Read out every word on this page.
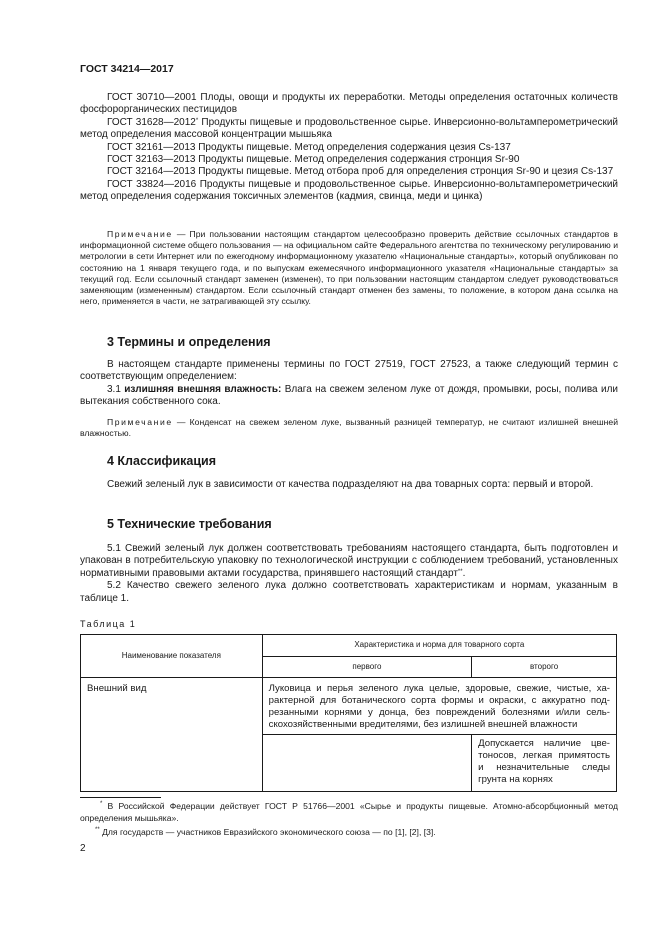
ГОСТ 34214—2017
ГОСТ 30710—2001 Плоды, овощи и продукты их переработки. Методы определения остаточных количеств фосфорорганических пестицидов
ГОСТ 31628—2012* Продукты пищевые и продовольственное сырье. Инверсионно-вольтамперометрический метод определения массовой концентрации мышьяка
ГОСТ 32161—2013 Продукты пищевые. Метод определения содержания цезия Cs-137
ГОСТ 32163—2013 Продукты пищевые. Метод определения содержания стронция Sr-90
ГОСТ 32164—2013 Продукты пищевые. Метод отбора проб для определения стронция Sr-90 и цезия Cs-137
ГОСТ 33824—2016 Продукты пищевые и продовольственное сырье. Инверсионно-вольтамперометрический метод определения содержания токсичных элементов (кадмия, свинца, меди и цинка)
Примечание — При пользовании настоящим стандартом целесообразно проверить действие ссылочных стандартов в информационной системе общего пользования — на официальном сайте Федерального агентства по техническому регулированию и метрологии в сети Интернет или по ежегодному информационному указателю «Национальные стандарты», который опубликован по состоянию на 1 января текущего года, и по выпускам ежемесячного информационного указателя «Национальные стандарты» за текущий год. Если ссылочный стандарт заменен (изменен), то при пользовании настоящим стандартом следует руководствоваться заменяющим (измененным) стандартом. Если ссылочный стандарт отменен без замены, то положение, в котором дана ссылка на него, применяется в части, не затрагивающей эту ссылку.
3 Термины и определения
В настоящем стандарте применены термины по ГОСТ 27519, ГОСТ 27523, а также следующий термин с соответствующим определением:
3.1 излишняя внешняя влажность: Влага на свежем зеленом луке от дождя, промывки, росы, полива или вытекания собственного сока.
Примечание — Конденсат на свежем зеленом луке, вызванный разницей температур, не считают излишней внешней влажностью.
4 Классификация
Свежий зеленый лук в зависимости от качества подразделяют на два товарных сорта: первый и второй.
5 Технические требования
5.1 Свежий зеленый лук должен соответствовать требованиям настоящего стандарта, быть подготовлен и упакован в потребительскую упаковку по технологической инструкции с соблюдением требований, установленных нормативными правовыми актами государства, принявшего настоящий стандарт**.
5.2 Качество свежего зеленого лука должно соответствовать характеристикам и нормам, указанным в таблице 1.
Таблица 1
Наименование показателя	Характеристика и норма для товарного сорта	
	первого	второго
Внешний вид	Луковица и перья зеленого лука целые, здоровые, свежие, чистые, характерной для ботанического сорта формы и окраски, с аккуратно подрезанными корнями у донца, без повреждений болезнями и/или сельскохозяйственными вредителями, без излишней внешней влажности	
		Допускается наличие цветоносов, легкая примятость и незначительные следы грунта на корнях
* В Российской Федерации действует ГОСТ Р 51766—2001 «Сырье и продукты пищевые. Атомно-абсорбционный метод определения мышьяка».
** Для государств — участников Евразийского экономического союза — по [1], [2], [3].
2
